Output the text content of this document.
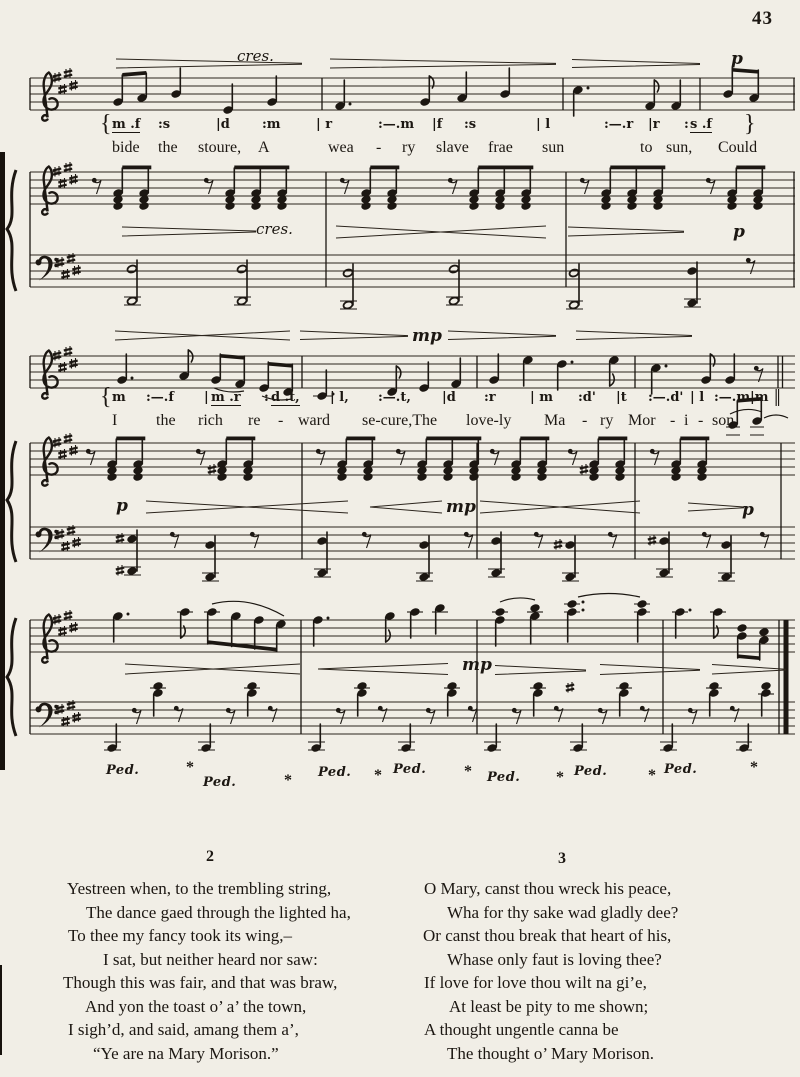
43
{ m .f :s	|d :m	| r	:—.m |f :s	| l	:—.r |r : s .f }
bide the stoure, A	wea - ry slave frae sun	to sun, Could
cres.	p
cres.	p
{ m :—.f | m .r : d .t, | l, :—.t, |d :r	| m :d' |t :—.d' | l :—.m |m ‖
I the rich re - ward se-cure,The love-ly Ma - ry Mor - i - son.
mp
p	mp	p
mp
Ped.	*
Ped.	* Ped. * Ped. * Ped. * Ped.	* Ped.	*
2
Yestreen when, to the trembling string,
The dance gaed through the lighted ha,
To thee my fancy took its wing,–
I sat, but neither heard nor saw:
Though this was fair, and that was braw,
And yon the toast o’ a’ the town,
I sigh’d, and said, amang them a’,
“Ye are na Mary Morison.”
3
O Mary, canst thou wreck his peace,
Wha for thy sake wad gladly dee?
Or canst thou break that heart of his,
Whase only faut is loving thee?
If love for love thou wilt na gi’e,
At least be pity to me shown;
A thought ungentle canna be
The thought o’ Mary Morison.
